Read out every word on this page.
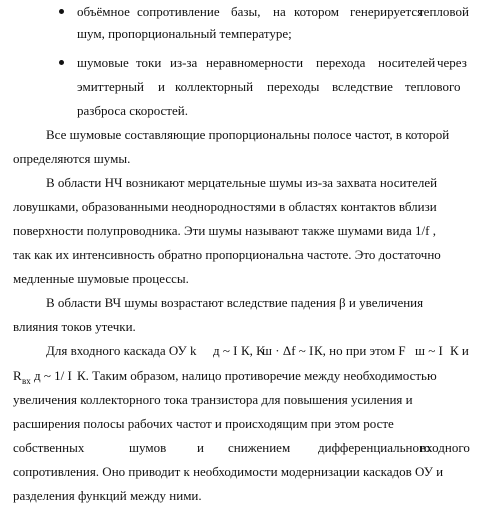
объёмное сопротивление базы, на котором генерируется
тепловой
шум, пропорциональный температуре;
шумовые токи из-за неравномерности перехода носителей через
эмиттерный и коллекторный переходы вследствие теплового
разброса скоростей.
Все шумовые составляющие пропорциональны полосе частот, в которой
определяются шумы.
В области НЧ возникают мерцательные шумы из-за захвата носителей
ловушками, образованными неоднородностями в областях контактов вблизи
поверхности полупроводника. Эти шумы называют также шумами вида 1/f ,
так как их интенсивность обратно пропорциональна частоте. Это достаточно
медленные шумовые процессы.
В области ВЧ шумы возрастают вследствие падения β и увеличения
влияния токов утечки.
Для входного каскада ОУ k д ~ I К, K
ш · Δf ~ I К, но при этом F ш ~ I К и
R $_{вх}$ д ~ 1/ I К. Таким образом, налицо противоречие между необходимостью
увеличения коллекторного тока транзистора для повышения усиления и
расширения полосы рабочих частот и происходящим при этом росте
собственных	шумов и снижением дифференциального
входного
сопротивления. Оно приводит к необходимости модернизации каскадов ОУ и
разделения функций между ними.
